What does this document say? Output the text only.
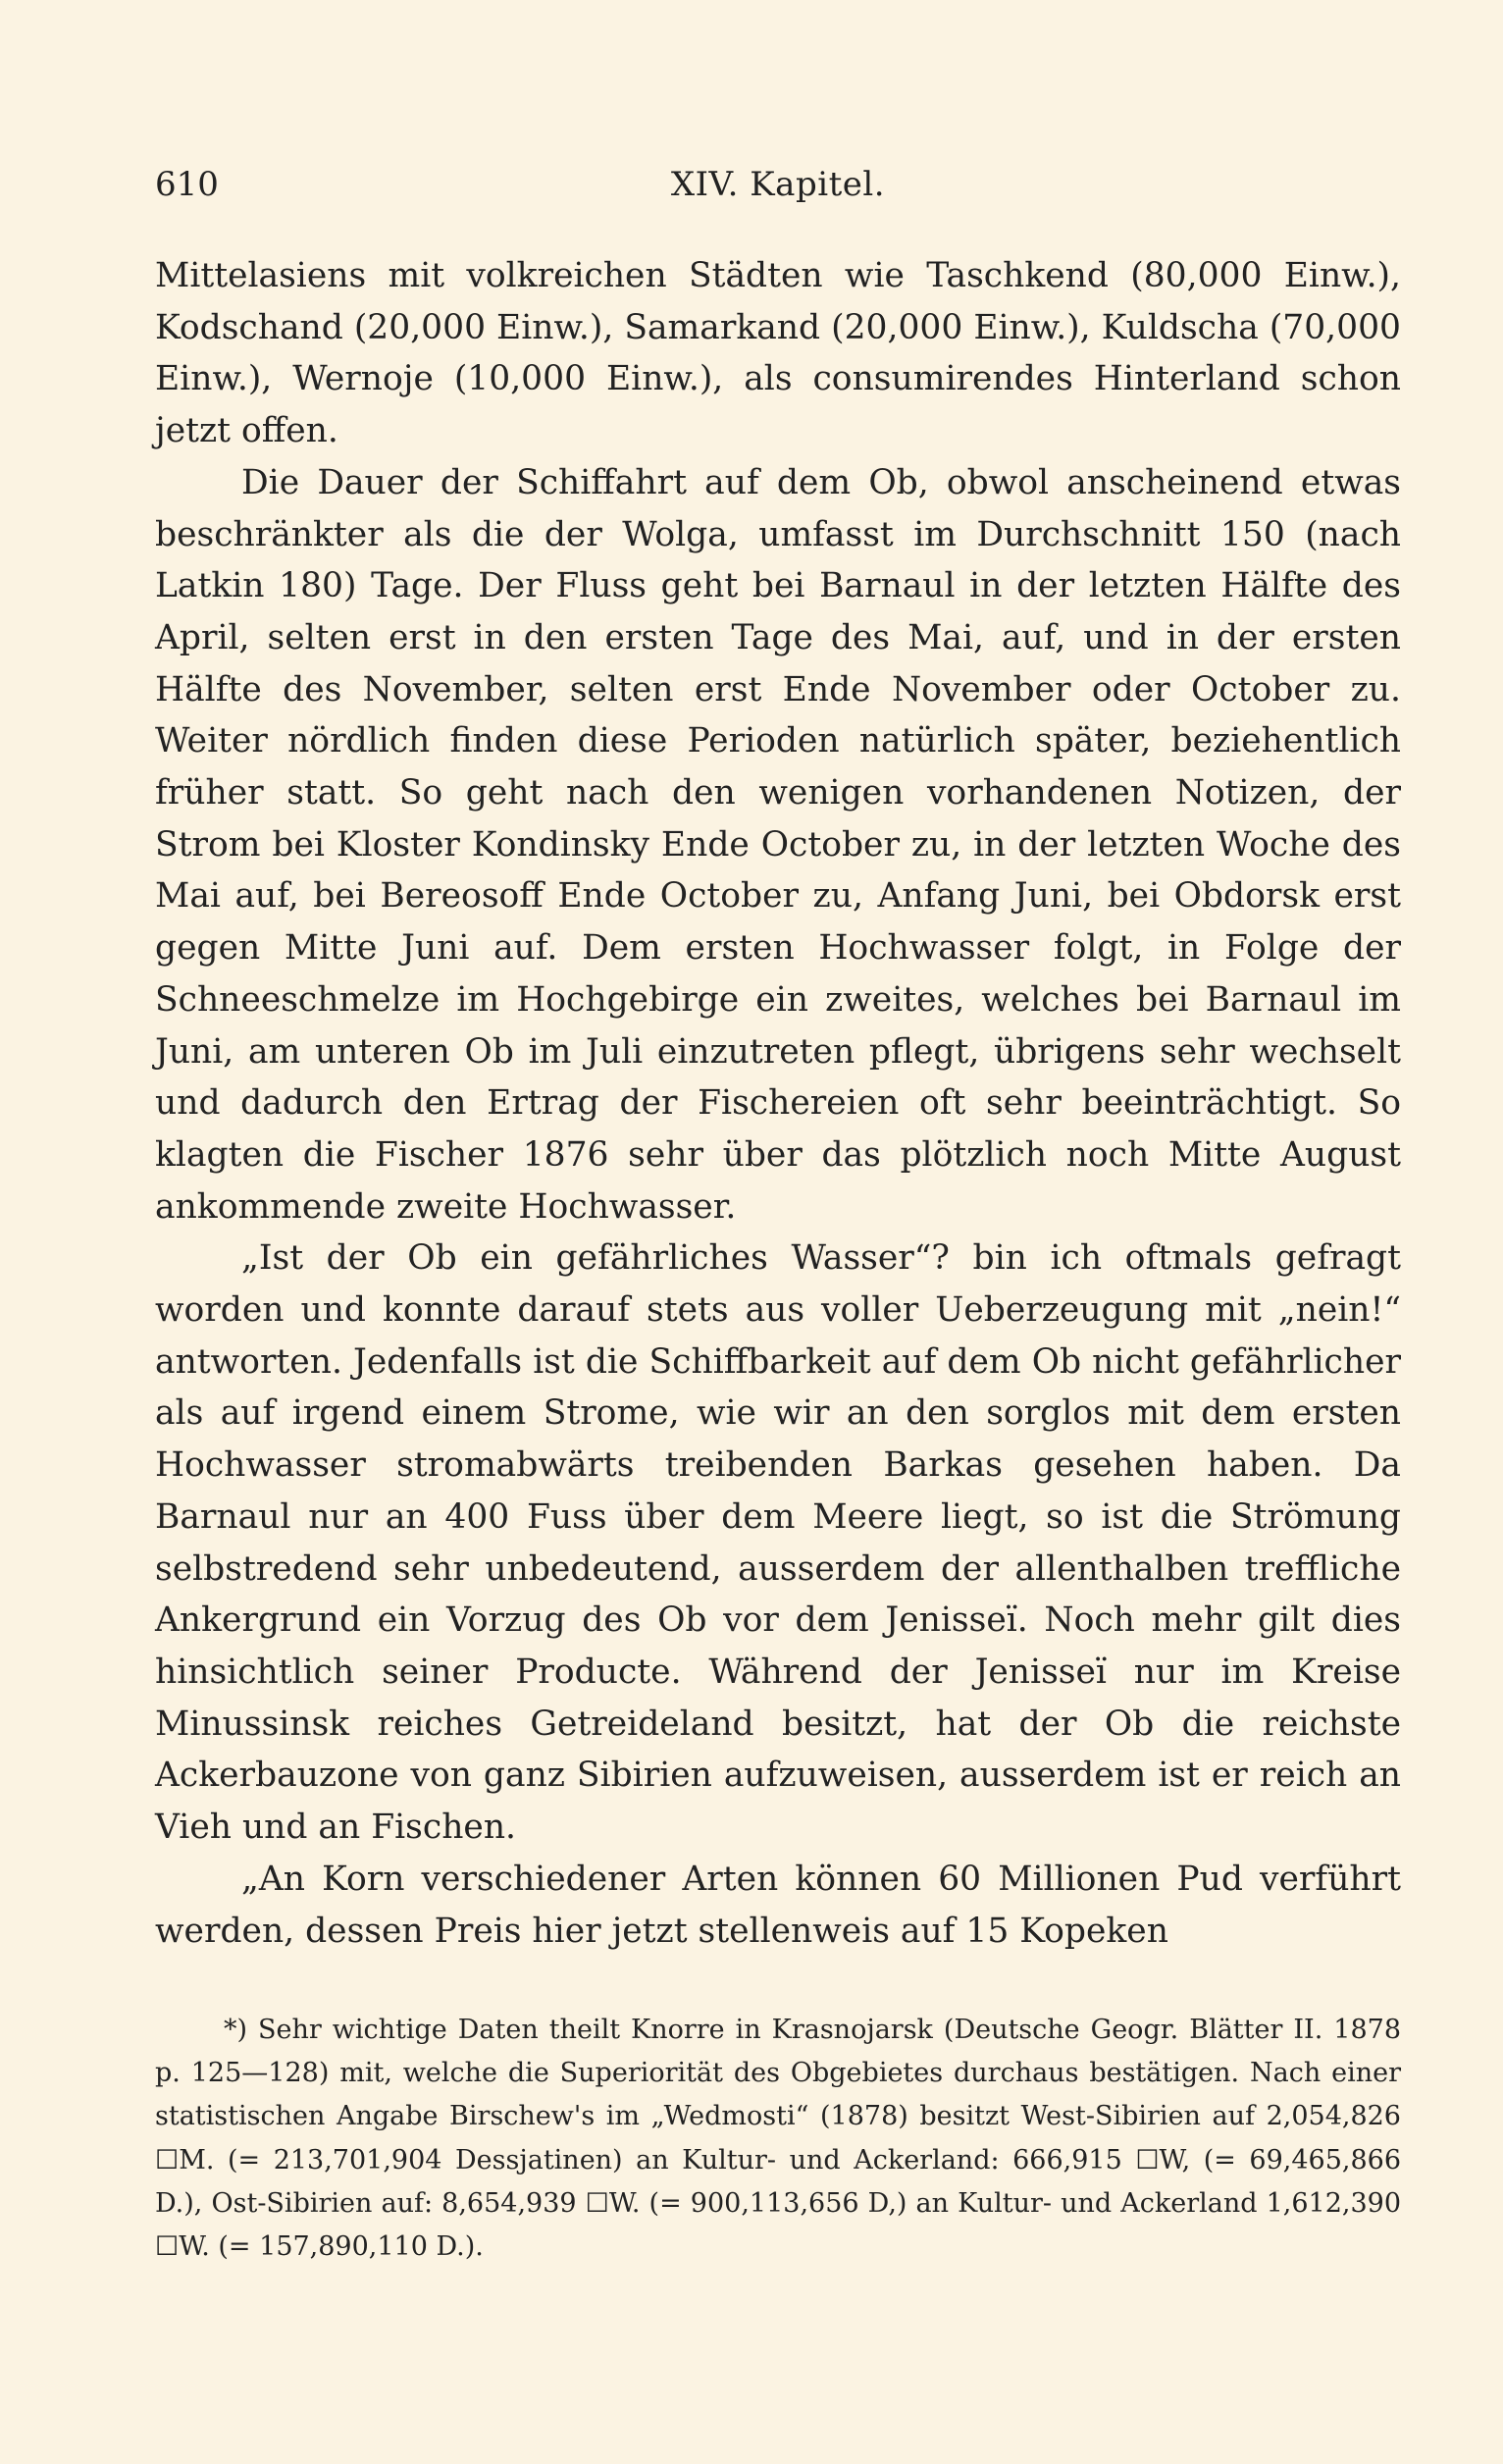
610	XIV. Kapitel.

Mittelasiens mit volkreichen Städten wie Taschkend (80,000 Einw.), Kodschand (20,000 Einw.), Samarkand (20,000 Einw.), Kuldscha (70,000 Einw.), Wernoje (10,000 Einw.), als consumirendes Hinterland schon jetzt offen.

Die Dauer der Schiffahrt auf dem Ob, obwol anscheinend etwas beschränkter als die der Wolga, umfasst im Durchschnitt 150 (nach Latkin 180) Tage. Der Fluss geht bei Barnaul in der letzten Hälfte des April, selten erst in den ersten Tage des Mai, auf, und in der ersten Hälfte des November, selten erst Ende November oder October zu. Weiter nördlich finden diese Perioden natürlich später, beziehentlich früher statt. So geht nach den wenigen vorhandenen Notizen, der Strom bei Kloster Kondinsky Ende October zu, in der letzten Woche des Mai auf, bei Bereosoff Ende October zu, Anfang Juni, bei Obdorsk erst gegen Mitte Juni auf. Dem ersten Hochwasser folgt, in Folge der Schneeschmelze im Hochgebirge ein zweites, welches bei Barnaul im Juni, am unteren Ob im Juli einzutreten pflegt, übrigens sehr wechselt und dadurch den Ertrag der Fischereien oft sehr beeinträchtigt. So klagten die Fischer 1876 sehr über das plötzlich noch Mitte August ankommende zweite Hochwasser.

„Ist der Ob ein gefährliches Wasser“? bin ich oftmals gefragt worden und konnte darauf stets aus voller Ueberzeugung mit „nein!“ antworten. Jedenfalls ist die Schiffbarkeit auf dem Ob nicht gefährlicher als auf irgend einem Strome, wie wir an den sorglos mit dem ersten Hochwasser stromabwärts treibenden Barkas gesehen haben. Da Barnaul nur an 400 Fuss über dem Meere liegt, so ist die Strömung selbstredend sehr unbedeutend, ausserdem der allenthalben treffliche Ankergrund ein Vorzug des Ob vor dem Jenisseï. Noch mehr gilt dies hinsichtlich seiner Producte. Während der Jenisseï nur im Kreise Minussinsk reiches Getreideland besitzt, hat der Ob die reichste Ackerbauzone von ganz Sibirien aufzuweisen, ausserdem ist er reich an Vieh und an Fischen.

„An Korn verschiedener Arten können 60 Millionen Pud verführt werden, dessen Preis hier jetzt stellenweis auf 15 Kopeken

*) Sehr wichtige Daten theilt Knorre in Krasnojarsk (Deutsche Geogr. Blätter II. 1878 p. 125—128) mit, welche die Superiorität des Obgebietes durchaus bestätigen. Nach einer statistischen Angabe Birschew's im „Wedmosti“ (1878) besitzt West-Sibirien auf 2,054,826 ☐M. (= 213,701,904 Dessjatinen) an Kultur- und Ackerland: 666,915 ☐W, (= 69,465,866 D.), Ost-Sibirien auf: 8,654,939 ☐W. (= 900,113,656 D,) an Kultur- und Ackerland 1,612,390 ☐W. (= 157,890,110 D.).
